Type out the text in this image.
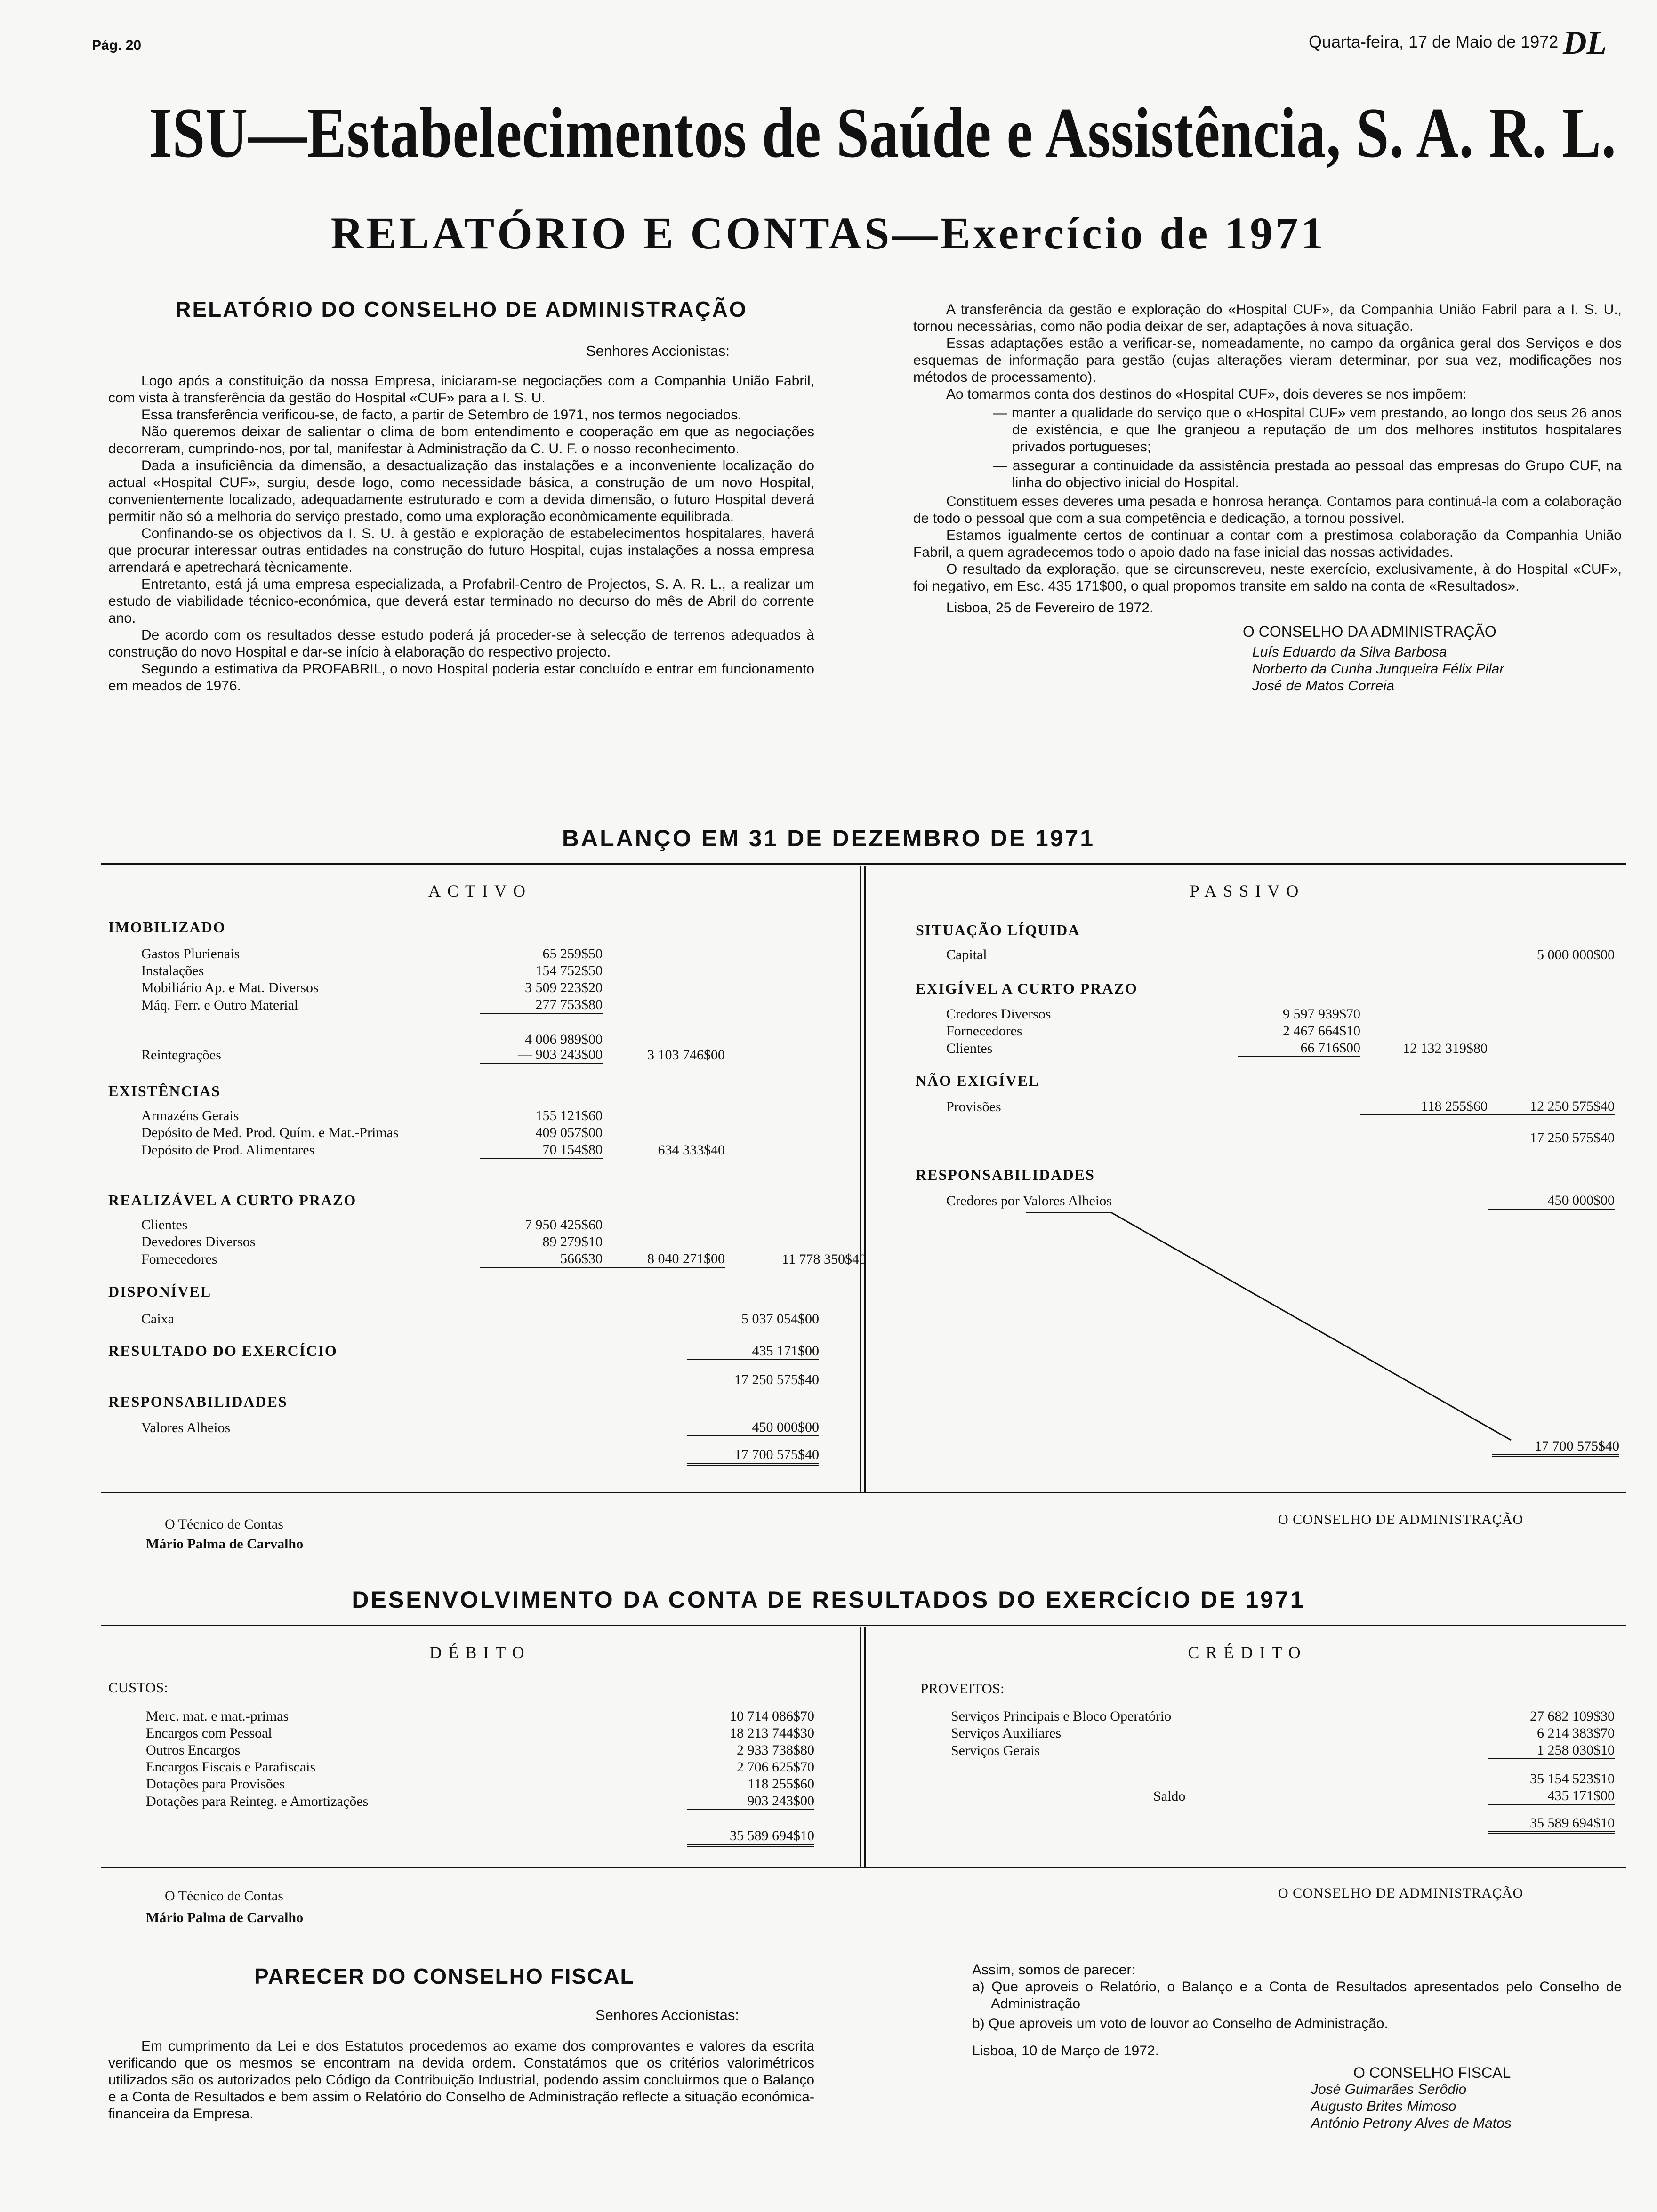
Pág. 20	Quarta-feira, 17 de Maio de 1972 DL
ISU—Estabelecimentos de Saúde e Assistência, S. A. R. L.
RELATÓRIO E CONTAS—Exercício de 1971
RELATÓRIO DO CONSELHO DE ADMINISTRAÇÃO
Senhores Accionistas:

Logo após a constituição da nossa Empresa, iniciaram-se negociações com a Companhia União Fabril, com vista à transferência da gestão do Hospital «CUF» para a I. S. U.

Essa transferência verificou-se, de facto, a partir de Setembro de 1971, nos termos negociados.

Não queremos deixar de salientar o clima de bom entendimento e cooperação em que as negociações decorreram, cumprindo-nos, por tal, manifestar à Administração da C. U. F. o nosso reconhecimento.

Dada a insuficiência da dimensão, a desactualização das instalações e a inconveniente localização do actual «Hospital CUF», surgiu, desde logo, como necessidade básica, a construção de um novo Hospital, convenientemente localizado, adequadamente estruturado e com a devida dimensão, o futuro Hospital deverá permitir não só a melhoria do serviço prestado, como uma exploração econòmicamente equilibrada.

Confinando-se os objectivos da I. S. U. à gestão e exploração de estabelecimentos hospitalares, haverá que procurar interessar outras entidades na construção do futuro Hospital, cujas instalações a nossa empresa arrendará e apetrechará tècnicamente.

Entretanto, está já uma empresa especializada, a Profabril-Centro de Projectos, S. A. R. L., a realizar um estudo de viabilidade técnico-económica, que deverá estar terminado no decurso do mês de Abril do corrente ano.

De acordo com os resultados desse estudo poderá já proceder-se à selecção de terrenos adequados à construção do novo Hospital e dar-se início à elaboração do respectivo projecto.

Segundo a estimativa da PROFABRIL, o novo Hospital poderia estar concluído e entrar em funcionamento em meados de 1976.

A transferência da gestão e exploração do «Hospital CUF», da Companhia União Fabril para a I. S. U., tornou necessárias, como não podia deixar de ser, adaptações à nova situação.

Essas adaptações estão a verificar-se, nomeadamente, no campo da orgânica geral dos Serviços e dos esquemas de informação para gestão (cujas alterações vieram determinar, por sua vez, modificações nos métodos de processamento).

Ao tomarmos conta dos destinos do «Hospital CUF», dois deveres se nos impõem:

— manter a qualidade do serviço que o «Hospital CUF» vem prestando, ao longo dos seus 26 anos de existência, e que lhe granjeou a reputação de um dos melhores institutos hospitalares privados portugueses;
— assegurar a continuidade da assistência prestada ao pessoal das empresas do Grupo CUF, na linha do objectivo inicial do Hospital.

Constituem esses deveres uma pesada e honrosa herança. Contamos para continuá-la com a colaboração de todo o pessoal que com a sua competência e dedicação, a tornou possível.

Estamos igualmente certos de continuar a contar com a prestimosa colaboração da Companhia União Fabril, a quem agradecemos todo o apoio dado na fase inicial das nossas actividades.

O resultado da exploração, que se circunscreveu, neste exercício, exclusivamente, à do Hospital «CUF», foi negativo, em Esc. 435 171$00, o qual propomos transite em saldo na conta de «Resultados».

Lisboa, 25 de Fevereiro de 1972.

O CONSELHO DA ADMINISTRAÇÃO
Luís Eduardo da Silva Barbosa
Norberto da Cunha Junqueira Félix Pilar
José de Matos Correia
BALANÇO EM 31 DE DEZEMBRO DE 1971
ACTIVO	PASSIVO
IMOBILIZADO
Gastos Plurienais	65 259$50
Instalações	154 752$50
Mobiliário Ap. e Mat. Diversos	3 509 223$20
Máq. Ferr. e Outro Material	277 753$80

	4 006 989$00
Reintegrações	— 903 243$00	3 103 746$00
EXISTÊNCIAS
Armazéns Gerais	155 121$60	
Depósito de Med. Prod. Quím. e Mat.-Primas	409 057$00	
Depósito de Prod. Alimentares	70 154$80	634 333$40
REALIZÁVEL A CURTO PRAZO
Clientes	7 950 425$60		
Devedores Diversos	89 279$10		
Fornecedores	566$30	8 040 271$00	11 778 350$40
DISPONÍVEL
Caixa	5 037 054$00
RESULTADO DO EXERCÍCIO	435 171$00
	17 250 575$40
RESPONSABILIDADES
Valores Alheios	450 000$00
	17 700 575$40
SITUAÇÃO LÍQUIDA
Capital	5 000 000$00
EXIGÍVEL A CURTO PRAZO
Credores Diversos	9 597 939$70		
Fornecedores	2 467 664$10		
Clientes	66 716$00	12 132 319$80	
NÃO EXIGÍVEL
Provisões	118 255$60	12 250 575$40
		17 250 575$40
RESPONSABILIDADES
Credores por Valores Alheios	450 000$00
17 700 575$40
O Técnico de Contas
Mário Palma de Carvalho
O CONSELHO DE ADMINISTRAÇÃO
DESENVOLVIMENTO DA CONTA DE RESULTADOS DO EXERCÍCIO DE 1971
DÉBITO	CRÉDITO
CUSTOS:
Merc. mat. e mat.-primas	10 714 086$70
Encargos com Pessoal	18 213 744$30
Outros Encargos	2 933 738$80
Encargos Fiscais e Parafiscais	2 706 625$70
Dotações para Provisões	118 255$60
Dotações para Reinteg. e Amortizações	903 243$00
	35 589 694$10
PROVEITOS:
Serviços Principais e Bloco Operatório	27 682 109$30
Serviços Auxiliares	6 214 383$70
Serviços Gerais	1 258 030$10
	35 154 523$10
Saldo	435 171$00
	35 589 694$10
O Técnico de Contas
Mário Palma de Carvalho
O CONSELHO DE ADMINISTRAÇÃO
PARECER DO CONSELHO FISCAL
Senhores Accionistas:

Em cumprimento da Lei e dos Estatutos procedemos ao exame dos comprovantes e valores da escrita verificando que os mesmos se encontram na devida ordem. Constatámos que os critérios valorimétricos utilizados são os autorizados pelo Código da Contribuição Industrial, podendo assim concluirmos que o Balanço e a Conta de Resultados e bem assim o Relatório do Conselho de Administração reflecte a situação económica-financeira da Empresa.

Assim, somos de parecer:
a) Que aproveis o Relatório, o Balanço e a Conta de Resultados apresentados pelo Conselho de Administração
b) Que aproveis um voto de louvor ao Conselho de Administração.
Lisboa, 10 de Março de 1972.
O CONSELHO FISCAL
José Guimarães Serôdio
Augusto Brites Mimoso
António Petrony Alves de Matos
